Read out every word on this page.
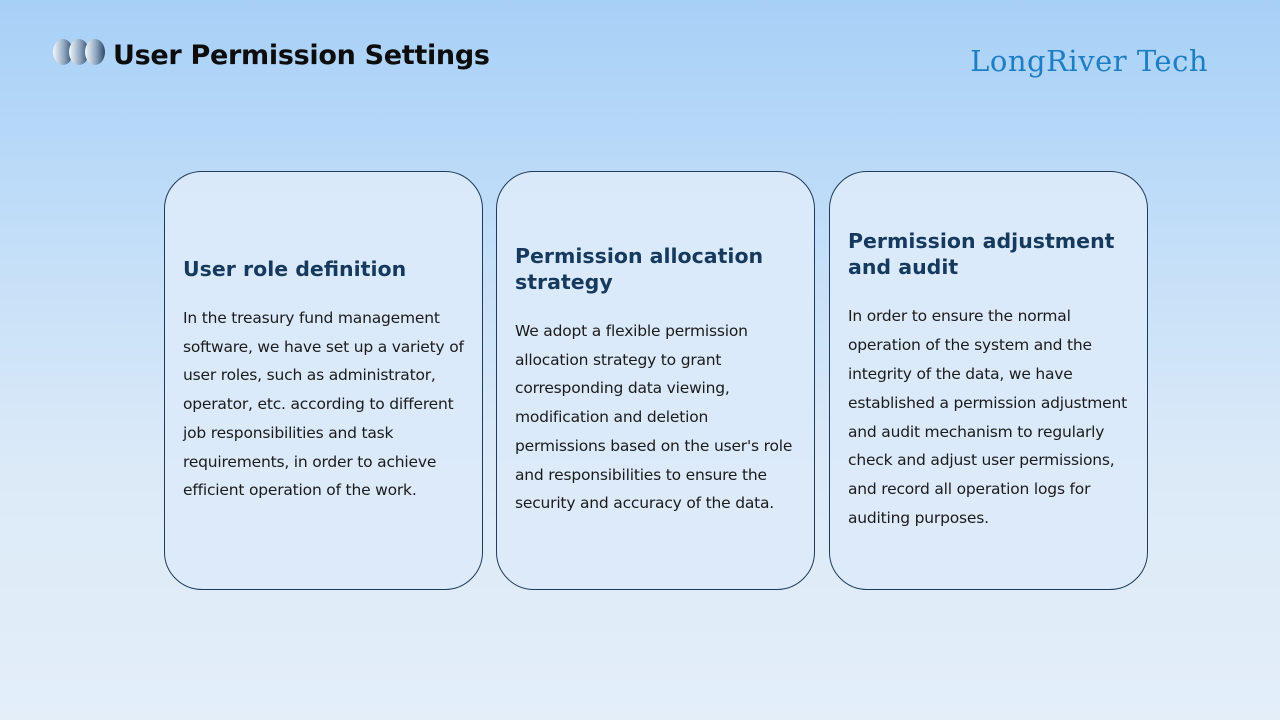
User Permission Settings	LongRiver Tech

User role definition

In the treasury fund management software, we have set up a variety of user roles, such as administrator, operator, etc. according to different job responsibilities and task requirements, in order to achieve efficient operation of the work.

Permission allocation strategy

We adopt a flexible permission allocation strategy to grant corresponding data viewing, modification and deletion permissions based on the user's role and responsibilities to ensure the security and accuracy of the data.

Permission adjustment and audit

In order to ensure the normal operation of the system and the integrity of the data, we have established a permission adjustment and audit mechanism to regularly check and adjust user permissions, and record all operation logs for auditing purposes.
